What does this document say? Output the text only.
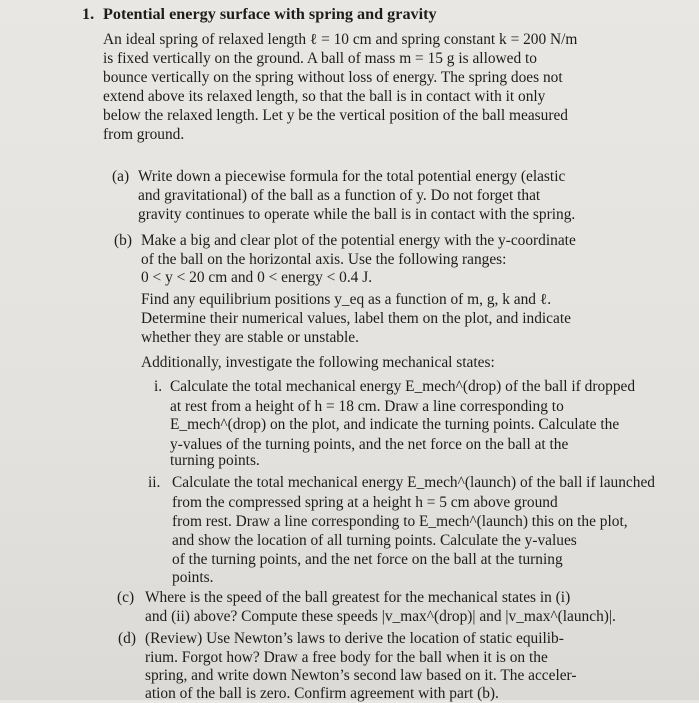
1. Potential energy surface with spring and gravity
An ideal spring of relaxed length ℓ = 10 cm and spring constant k = 200 N/m
is fixed vertically on the ground. A ball of mass m = 15 g is allowed to
bounce vertically on the spring without loss of energy. The spring does not
extend above its relaxed length, so that the ball is in contact with it only
below the relaxed length. Let y be the vertical position of the ball measured
from ground.
(a) Write down a piecewise formula for the total potential energy (elastic
and gravitational) of the ball as a function of y. Do not forget that
gravity continues to operate while the ball is in contact with the spring.
(b) Make a big and clear plot of the potential energy with the y-coordinate
of the ball on the horizontal axis. Use the following ranges:
0 < y < 20 cm and 0 < energy < 0.4 J.
Find any equilibrium positions y_eq as a function of m, g, k and ℓ.
Determine their numerical values, label them on the plot, and indicate
whether they are stable or unstable.
Additionally, investigate the following mechanical states:
i. Calculate the total mechanical energy E_mech^(drop) of the ball if dropped
at rest from a height of h = 18 cm. Draw a line corresponding to
E_mech^(drop) on the plot, and indicate the turning points. Calculate the
y-values of the turning points, and the net force on the ball at the
turning points.
ii. Calculate the total mechanical energy E_mech^(launch) of the ball if launched
from the compressed spring at a height h = 5 cm above ground
from rest. Draw a line corresponding to E_mech^(launch) this on the plot,
and show the location of all turning points. Calculate the y-values
of the turning points, and the net force on the ball at the turning
points.
(c) Where is the speed of the ball greatest for the mechanical states in (i)
and (ii) above? Compute these speeds |v_max^(drop)| and |v_max^(launch)|.
(d) (Review) Use Newton’s laws to derive the location of static equilib-
rium. Forgot how? Draw a free body for the ball when it is on the
spring, and write down Newton’s second law based on it. The acceler-
ation of the ball is zero. Confirm agreement with part (b).
